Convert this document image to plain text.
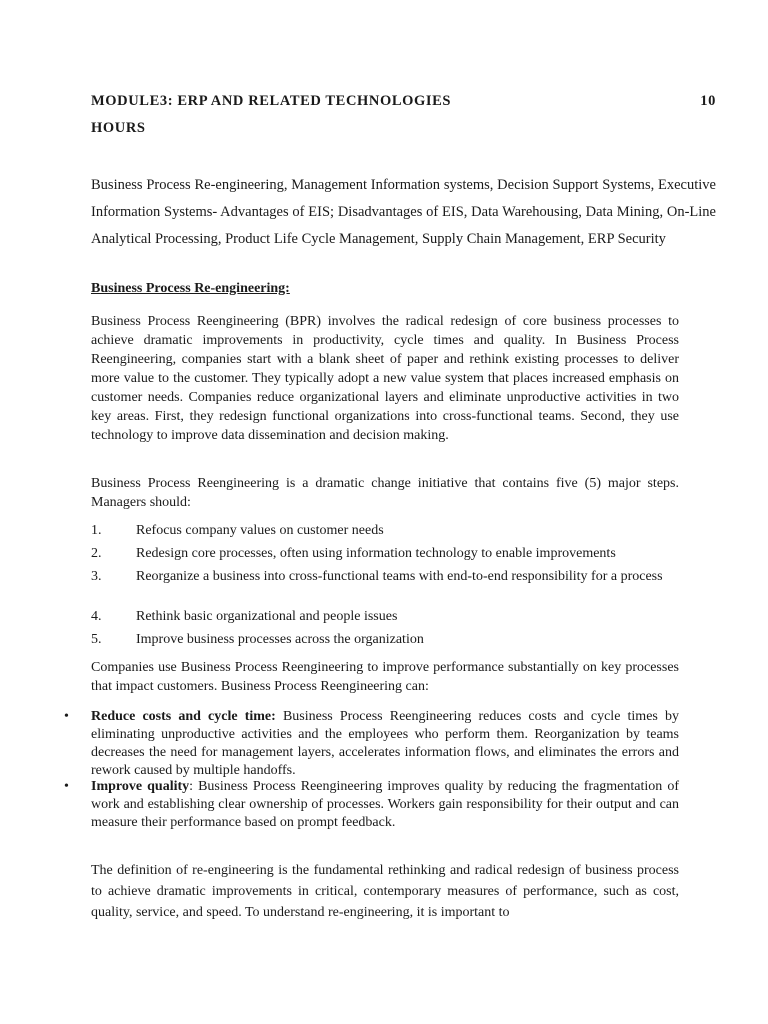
MODULE3: ERP AND RELATED TECHNOLOGIES	10
HOURS
Business Process Re-engineering, Management Information systems, Decision Support Systems, Executive Information Systems- Advantages of EIS; Disadvantages of EIS, Data Warehousing, Data Mining, On-Line Analytical Processing, Product Life Cycle Management, Supply Chain Management, ERP Security
Business Process Re-engineering:
Business Process Reengineering (BPR) involves the radical redesign of core business processes to achieve dramatic improvements in productivity, cycle times and quality. In Business Process Reengineering, companies start with a blank sheet of paper and rethink existing processes to deliver more value to the customer. They typically adopt a new value system that places increased emphasis on customer needs. Companies reduce organizational layers and eliminate unproductive activities in two key areas. First, they redesign functional organizations into cross-functional teams. Second, they use technology to improve data dissemination and decision making.
Business Process Reengineering is a dramatic change initiative that contains five (5) major steps. Managers should:
1.	Refocus company values on customer needs
2.	Redesign core processes, often using information technology to enable improvements
3.	Reorganize a business into cross-functional teams with end-to-end responsibility for a process
4.	Rethink basic organizational and people issues
5.	Improve business processes across the organization
Companies use Business Process Reengineering to improve performance substantially on key processes that impact customers. Business Process Reengineering can:
• Reduce costs and cycle time: Business Process Reengineering reduces costs and cycle times by eliminating unproductive activities and the employees who perform them. Reorganization by teams decreases the need for management layers, accelerates information flows, and eliminates the errors and rework caused by multiple handoffs.
• Improve quality: Business Process Reengineering improves quality by reducing the fragmentation of work and establishing clear ownership of processes. Workers gain responsibility for their output and can measure their performance based on prompt feedback.
The definition of re-engineering is the fundamental rethinking and radical redesign of business process to achieve dramatic improvements in critical, contemporary measures of performance, such as cost, quality, service, and speed. To understand re-engineering, it is important to
